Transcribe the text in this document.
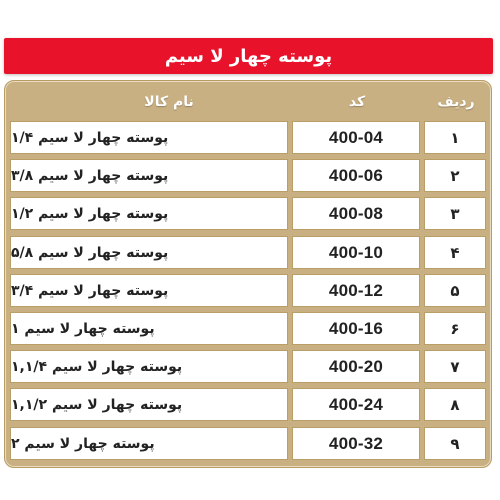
پوسته چهار لا سیم
نام کالا	کد	ردیف
پوسته چهار لا سیم ۱/۴	400-04	۱
پوسته چهار لا سیم ۳/۸	400-06	۲
پوسته چهار لا سیم ۱/۲	400-08	۳
پوسته چهار لا سیم ۵/۸	400-10	۴
پوسته چهار لا سیم ۳/۴	400-12	۵
پوسته چهار لا سیم ۱	400-16	۶
پوسته چهار لا سیم ۱,۱/۴	400-20	۷
پوسته چهار لا سیم ۱,۱/۲	400-24	۸
پوسته چهار لا سیم ۲	400-32	۹
